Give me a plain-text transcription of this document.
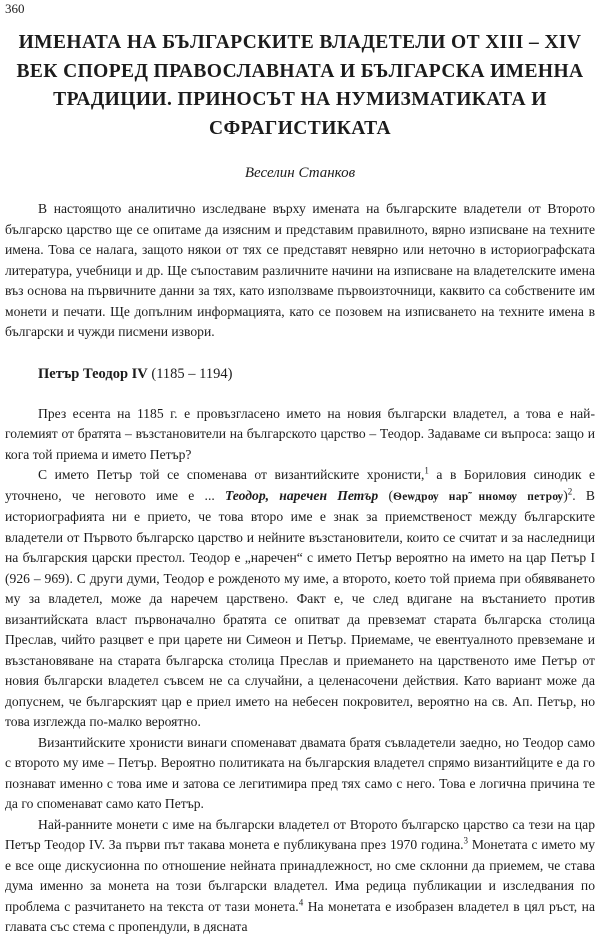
360
ИМЕНАТА НА БЪЛГАРСКИТЕ ВЛАДЕТЕЛИ ОТ XIII – XIV
ВЕК СПОРЕД ПРАВОСЛАВНАТА И БЪЛГАРСКА ИМЕННА
ТРАДИЦИИ. ПРИНОСЪТ НА НУМИЗМАТИКАТА И
СФРАГИСТИКАТА
Веселин Станков

В настоящото аналитично изследване върху имената на българските владетели от Второто българско царство ще се опитаме да изясним и представим правилното, вярно изписване на техните имена. Това се налага, защото някои от тях се представят невярно или неточно в историографската литература, учебници и др. Ще съпоставим различните начини на изписване на владетелските имена въз основа на първичните данни за тях, като използваме първоизточници, каквито са собствените им монети и печати. Ще допълним информацията, като се позовем на изписването на техните имена в български и чужди писмени извори.

Петър Теодор IV (1185 – 1194)

През есента на 1185 г. е провъзгласено името на новия български владетел, а това е най-големият от братята – възстановители на българското царство – Теодор. Задаваме си въпроса: защо и кога той приема и името Петър?

С името Петър той се споменава от византийските хронисти,$^1$ а в Бориловия синодик е уточнено, че неговото име е ... Теодор, наречен Петър (Ѳеѡдрѹ нар̃ нномѹ петрѹ)$^2$. В историографията ни е прието, че това второ име е знак за приемственост между българските владетели от Първото българско царство и нейните възстановители, които се считат и за наследници на българския царски престол. Теодор е „наречен“ с името Петър вероятно на името на цар Петър I (926 – 969). С други думи, Теодор е рожденото му име, а второто, което той приема при обявяването му за владетел, може да наречем царствено. Факт е, че след вдигане на въстанието против византийската власт първоначално братята се опитват да превземат старата българска столица Преслав, чийто разцвет е при царете ни Симеон и Петър. Приемаме, че евентуалното превземане и възстановяване на старата българска столица Преслав и приемането на царственото име Петър от новия български владетел съвсем не са случайни, а целенасочени действия. Като вариант може да допуснем, че българският цар е приел името на небесен покровител, вероятно на св. Ап. Петър, но това изглежда по-малко вероятно.

Византийските хронисти винаги споменават двамата братя съвладетели заедно, но Теодор само с второто му име – Петър. Вероятно политиката на българския владетел спрямо византийците е да го познават именно с това име и затова се легитимира пред тях само с него. Това е логична причина те да го споменават само като Петър.

Най-ранните монети с име на български владетел от Второто българско царство са тези на цар Петър Теодор IV. За първи път такава монета е публикувана през 1970 година.$^3$ Монетата с името му е все още дискусионна по отношение нейната принадлежност, но сме склонни да приемем, че става дума именно за монета на този български владетел. Има редица публикации и изследвания по проблема с разчитането на текста от тази монета.$^4$ На монетата е изобразен владетел в цял ръст, на главата със стема с пропендули, в дясната
